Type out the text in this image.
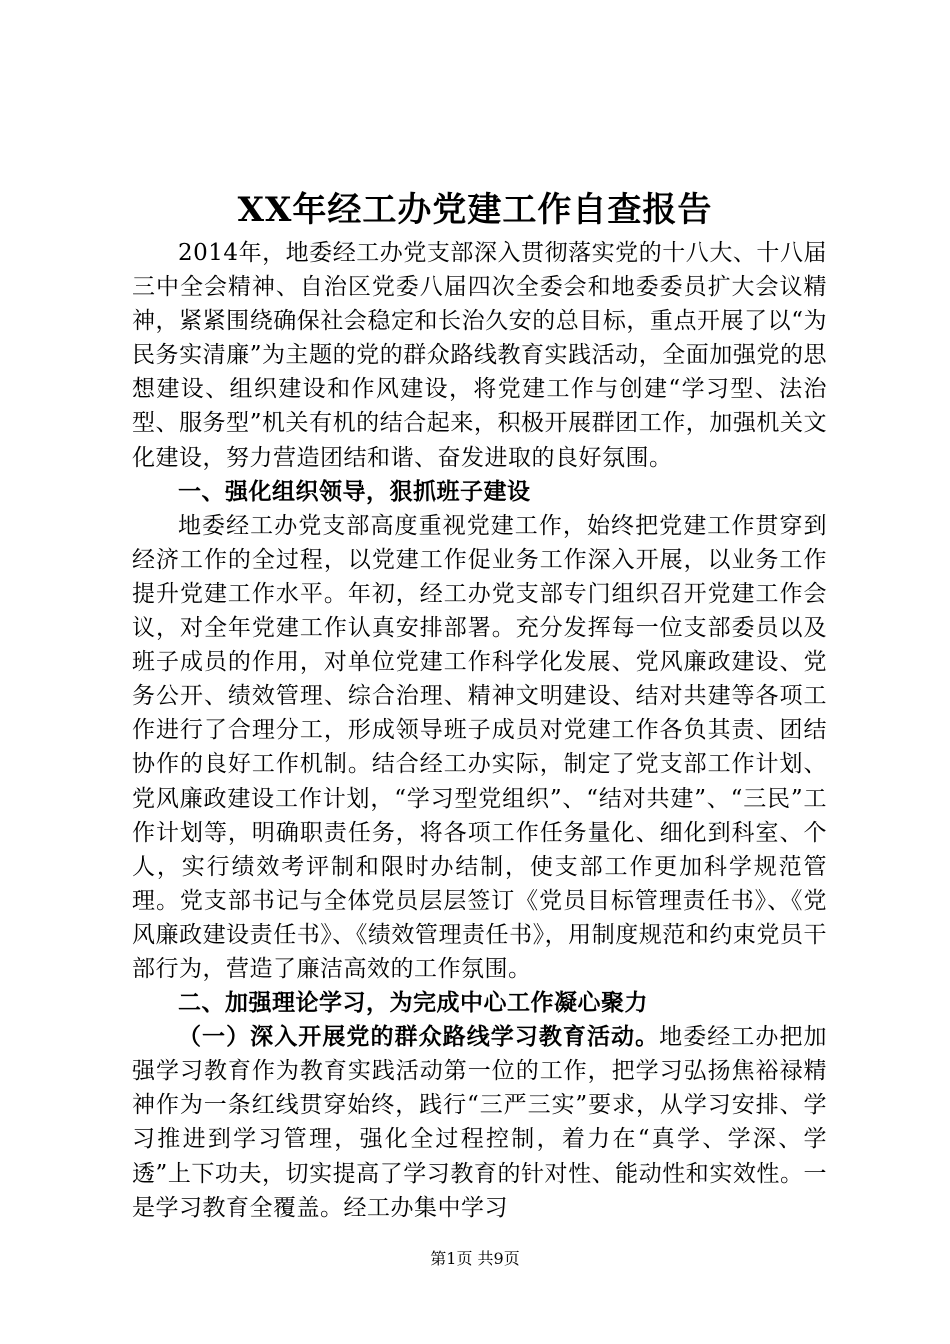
XX年经工办党建工作自查报告

2014年，地委经工办党支部深入贯彻落实党的十八大、十八届三中全会精神、自治区党委八届四次全委会和地委委员扩大会议精神，紧紧围绕确保社会稳定和长治久安的总目标，重点开展了以“为民务实清廉”为主题的党的群众路线教育实践活动，全面加强党的思想建设、组织建设和作风建设，将党建工作与创建“学习型、法治型、服务型”机关有机的结合起来，积极开展群团工作，加强机关文化建设，努力营造团结和谐、奋发进取的良好氛围。

一、强化组织领导，狠抓班子建设

地委经工办党支部高度重视党建工作，始终把党建工作贯穿到经济工作的全过程，以党建工作促业务工作深入开展，以业务工作提升党建工作水平。年初，经工办党支部专门组织召开党建工作会议，对全年党建工作认真安排部署。充分发挥每一位支部委员以及班子成员的作用，对单位党建工作科学化发展、党风廉政建设、党务公开、绩效管理、综合治理、精神文明建设、结对共建等各项工作进行了合理分工，形成领导班子成员对党建工作各负其责、团结协作的良好工作机制。结合经工办实际，制定了党支部工作计划、党风廉政建设工作计划，“学习型党组织”、“结对共建”、“三民”工作计划等，明确职责任务，将各项工作任务量化、细化到科室、个人，实行绩效考评制和限时办结制，使支部工作更加科学规范管理。党支部书记与全体党员层层签订《党员目标管理责任书》、《党风廉政建设责任书》、《绩效管理责任书》，用制度规范和约束党员干部行为，营造了廉洁高效的工作氛围。

二、加强理论学习，为完成中心工作凝心聚力

（一）深入开展党的群众路线学习教育活动。地委经工办把加强学习教育作为教育实践活动第一位的工作，把学习弘扬焦裕禄精神作为一条红线贯穿始终，践行“三严三实”要求，从学习安排、学习推进到学习管理，强化全过程控制，着力在“真学、学深、学透”上下功夫，切实提高了学习教育的针对性、能动性和实效性。一是学习教育全覆盖。经工办集中学习

第1页 共9页
